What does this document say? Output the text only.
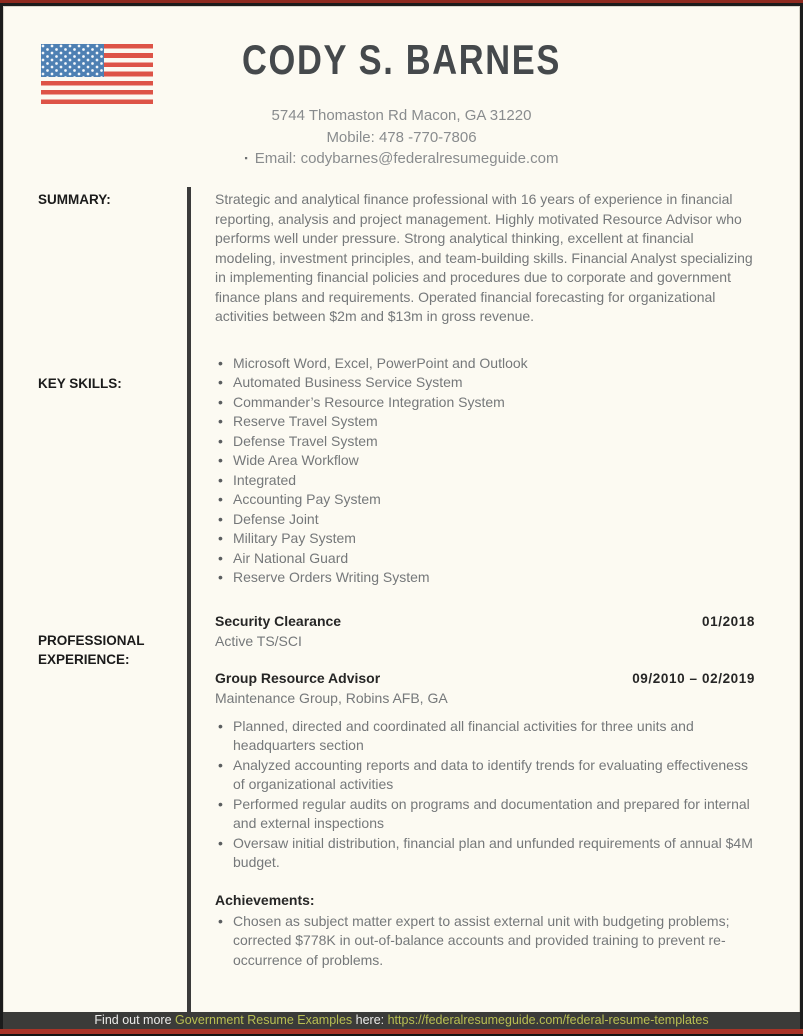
CODY S. BARNES
5744 Thomaston Rd Macon, GA 31220
Mobile: 478 -770-7806
▪ Email: codybarnes@federalresumeguide.com
SUMMARY:
KEY SKILLS:
PROFESSIONAL
EXPERIENCE:

Strategic and analytical finance professional with 16 years of experience in financial reporting, analysis and project management. Highly motivated Resource Advisor who performs well under pressure. Strong analytical thinking, excellent at financial modeling, investment principles, and team-building skills. Financial Analyst specializing in implementing financial policies and procedures due to corporate and government finance plans and requirements. Operated financial forecasting for organizational activities between $2m and $13m in gross revenue.

• Microsoft Word, Excel, PowerPoint and Outlook
• Automated Business Service System
• Commander’s Resource Integration System
• Reserve Travel System
• Defense Travel System
• Wide Area Workflow
• Integrated
• Accounting Pay System
• Defense Joint
• Military Pay System
• Air National Guard
• Reserve Orders Writing System
Security Clearance	01/2018
Active TS/SCI
Group Resource Advisor	09/2010 – 02/2019
Maintenance Group, Robins AFB, GA
• Planned, directed and coordinated all financial activities for three units and headquarters section
• Analyzed accounting reports and data to identify trends for evaluating effectiveness of organizational activities
• Performed regular audits on programs and documentation and prepared for internal and external inspections
• Oversaw initial distribution, financial plan and unfunded requirements of annual $4M budget.
Achievements:
• Chosen as subject matter expert to assist external unit with budgeting problems; corrected $778K in out-of-balance accounts and provided training to prevent re-occurrence of problems.
Find out more Government Resume Examples here: https://federalresumeguide.com/federal-resume-templates
